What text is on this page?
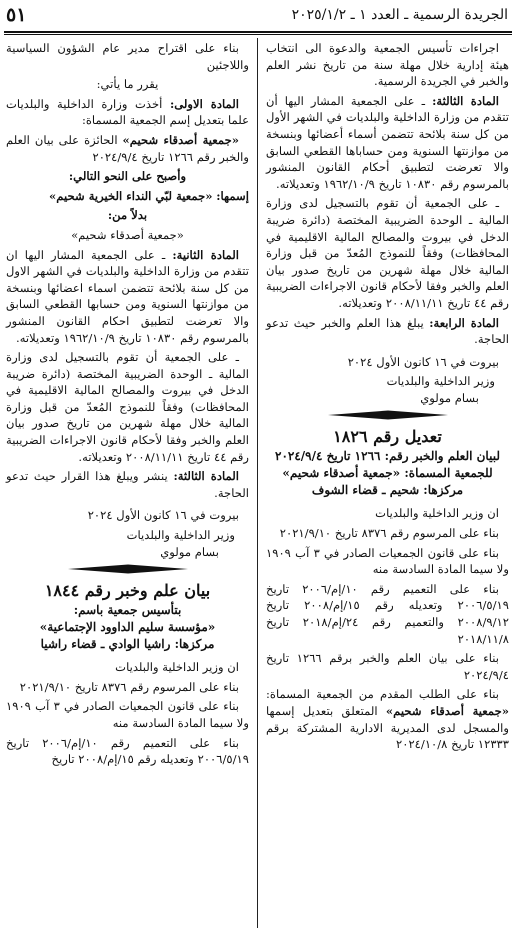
الجريدة الرسمية ـ العدد ١ ـ ٢٠٢٥/١/٢
٥١

اجراءات تأسيس الجمعية والدعوة الى انتخاب هيئة إدارية خلال مهلة سنة من تاريخ نشر العلم والخبر في الجريدة الرسمية.

المادة الثالثة: ـ على الجمعية المشار اليها أن تتقدم من وزارة الداخلية والبلديات في الشهر الأول من كل سنة بلائحة تتضمن أسماء أعضائها وبنسخة من موازنتها السنوية ومن حساباها القطعي السابق والا تعرضت لتطبيق أحكام القانون المنشور بالمرسوم رقم ١٠٨٣٠ تاريخ ١٩٦٢/١٠/٩ وتعديلاته.

ـ على الجمعية أن تقوم بالتسجيل لدى وزارة المالية ـ الوحدة الضريبية المختصة (دائرة ضريبة الدخل في بيروت والمصالح المالية الاقليمية في المحافظات) وفقاً للنموذج المُعدّ من قبل وزارة المالية خلال مهلة شهرين من تاريخ صدور بيان العلم والخبر وفقا لأحكام قانون الاجراءات الضريبية رقم ٤٤ تاريخ ٢٠٠٨/١١/١١ وتعديلاته.

المادة الرابعة: يبلغ هذا العلم والخبر حيث تدعو الحاجة.

بيروت في ١٦ كانون الأول ٢٠٢٤

وزير الداخلية والبلديات

بسام مولوي

تعديل رقم ١٨٢٦

لبيان العلم والخبر رقم: ١٢٦٦ تاريخ ٢٠٢٤/٩/٤

للجمعية المسماة: «جمعية أصدقاء شحيم»

مركزها: شحيم ـ قضاء الشوف

ان وزير الداخلية والبلديات

بناء على المرسوم رقم ٨٣٧٦ تاريخ ٢٠٢١/٩/١٠

بناء على قانون الجمعيات الصادر في ٣ آب ١٩٠٩ ولا سيما المادة السادسة منه

بناء على التعميم رقم ١٠/إم/٢٠٠٦ تاريخ ٢٠٠٦/٥/١٩ وتعديله رقم ١٥/إم/٢٠٠٨ تاريخ ٢٠٠٨/٩/١٢ والتعميم رقم ٢٤/إم/٢٠١٨ تاريخ ٢٠١٨/١١/٨

بناء على بيان العلم والخبر برقم ١٢٦٦ تاريخ ٢٠٢٤/٩/٤

بناء على الطلب المقدم من الجمعية المسماة: «جمعية أصدقاء شحيم» المتعلق بتعديل إسمها والمسجل لدى المديرية الادارية المشتركة برقم ١٢٣٣٣ تاريخ ٢٠٢٤/١٠/٨

بناء على اقتراح مدير عام الشؤون السياسية واللاجئين

يقرر ما يأتي:

المادة الاولى: أخذت وزارة الداخلية والبلديات علما بتعديل إسم الجمعية المسماة:

«جمعية أصدقاء شحيم» الحائزة على بيان العلم والخبر رقم ١٢٦٦ تاريخ ٢٠٢٤/٩/٤

وأصبح على النحو التالي:

إسمها: «جمعية لبّي النداء الخيرية شحيم»

بدلاً من:

«جمعية أصدقاء شحيم»

المادة الثانية: ـ على الجمعية المشار اليها ان تتقدم من وزارة الداخلية والبلديات في الشهر الاول من كل سنة بلائحة تتضمن اسماء اعضائها وبنسخة من موازنتها السنوية ومن حسابها القطعي السابق والا تعرضت لتطبيق احكام القانون المنشور بالمرسوم رقم ١٠٨٣٠ تاريخ ١٩٦٢/١٠/٩ وتعديلاته.

ـ على الجمعية أن تقوم بالتسجيل لدى وزارة المالية ـ الوحدة الضريبية المختصة (دائرة ضريبة الدخل في بيروت والمصالح المالية الاقليمية في المحافظات) وفقاً للنموذج المُعدّ من قبل وزارة المالية خلال مهلة شهرين من تاريخ صدور بيان العلم والخبر وفقا لأحكام قانون الاجراءات الضريبية رقم ٤٤ تاريخ ٢٠٠٨/١١/١١ وتعديلاته.

المادة الثالثة: ينشر ويبلغ هذا القرار حيث تدعو الحاجة.

بيروت في ١٦ كانون الأول ٢٠٢٤

وزير الداخلية والبلديات

بسام مولوي

بيان علم وخبر رقم ١٨٤٤

بتأسيس جمعية باسم:

«مؤسسة سليم الداوود الإجتماعية»

مركزها: راشيا الوادي ـ قضاء راشيا

ان وزير الداخلية والبلديات

بناء على المرسوم رقم ٨٣٧٦ تاريخ ٢٠٢١/٩/١٠

بناء على قانون الجمعيات الصادر في ٣ آب ١٩٠٩ ولا سيما المادة السادسة منه

بناء على التعميم رقم ١٠/إم/٢٠٠٦ تاريخ ٢٠٠٦/٥/١٩ وتعديله رقم ١٥/إم/٢٠٠٨ تاريخ
